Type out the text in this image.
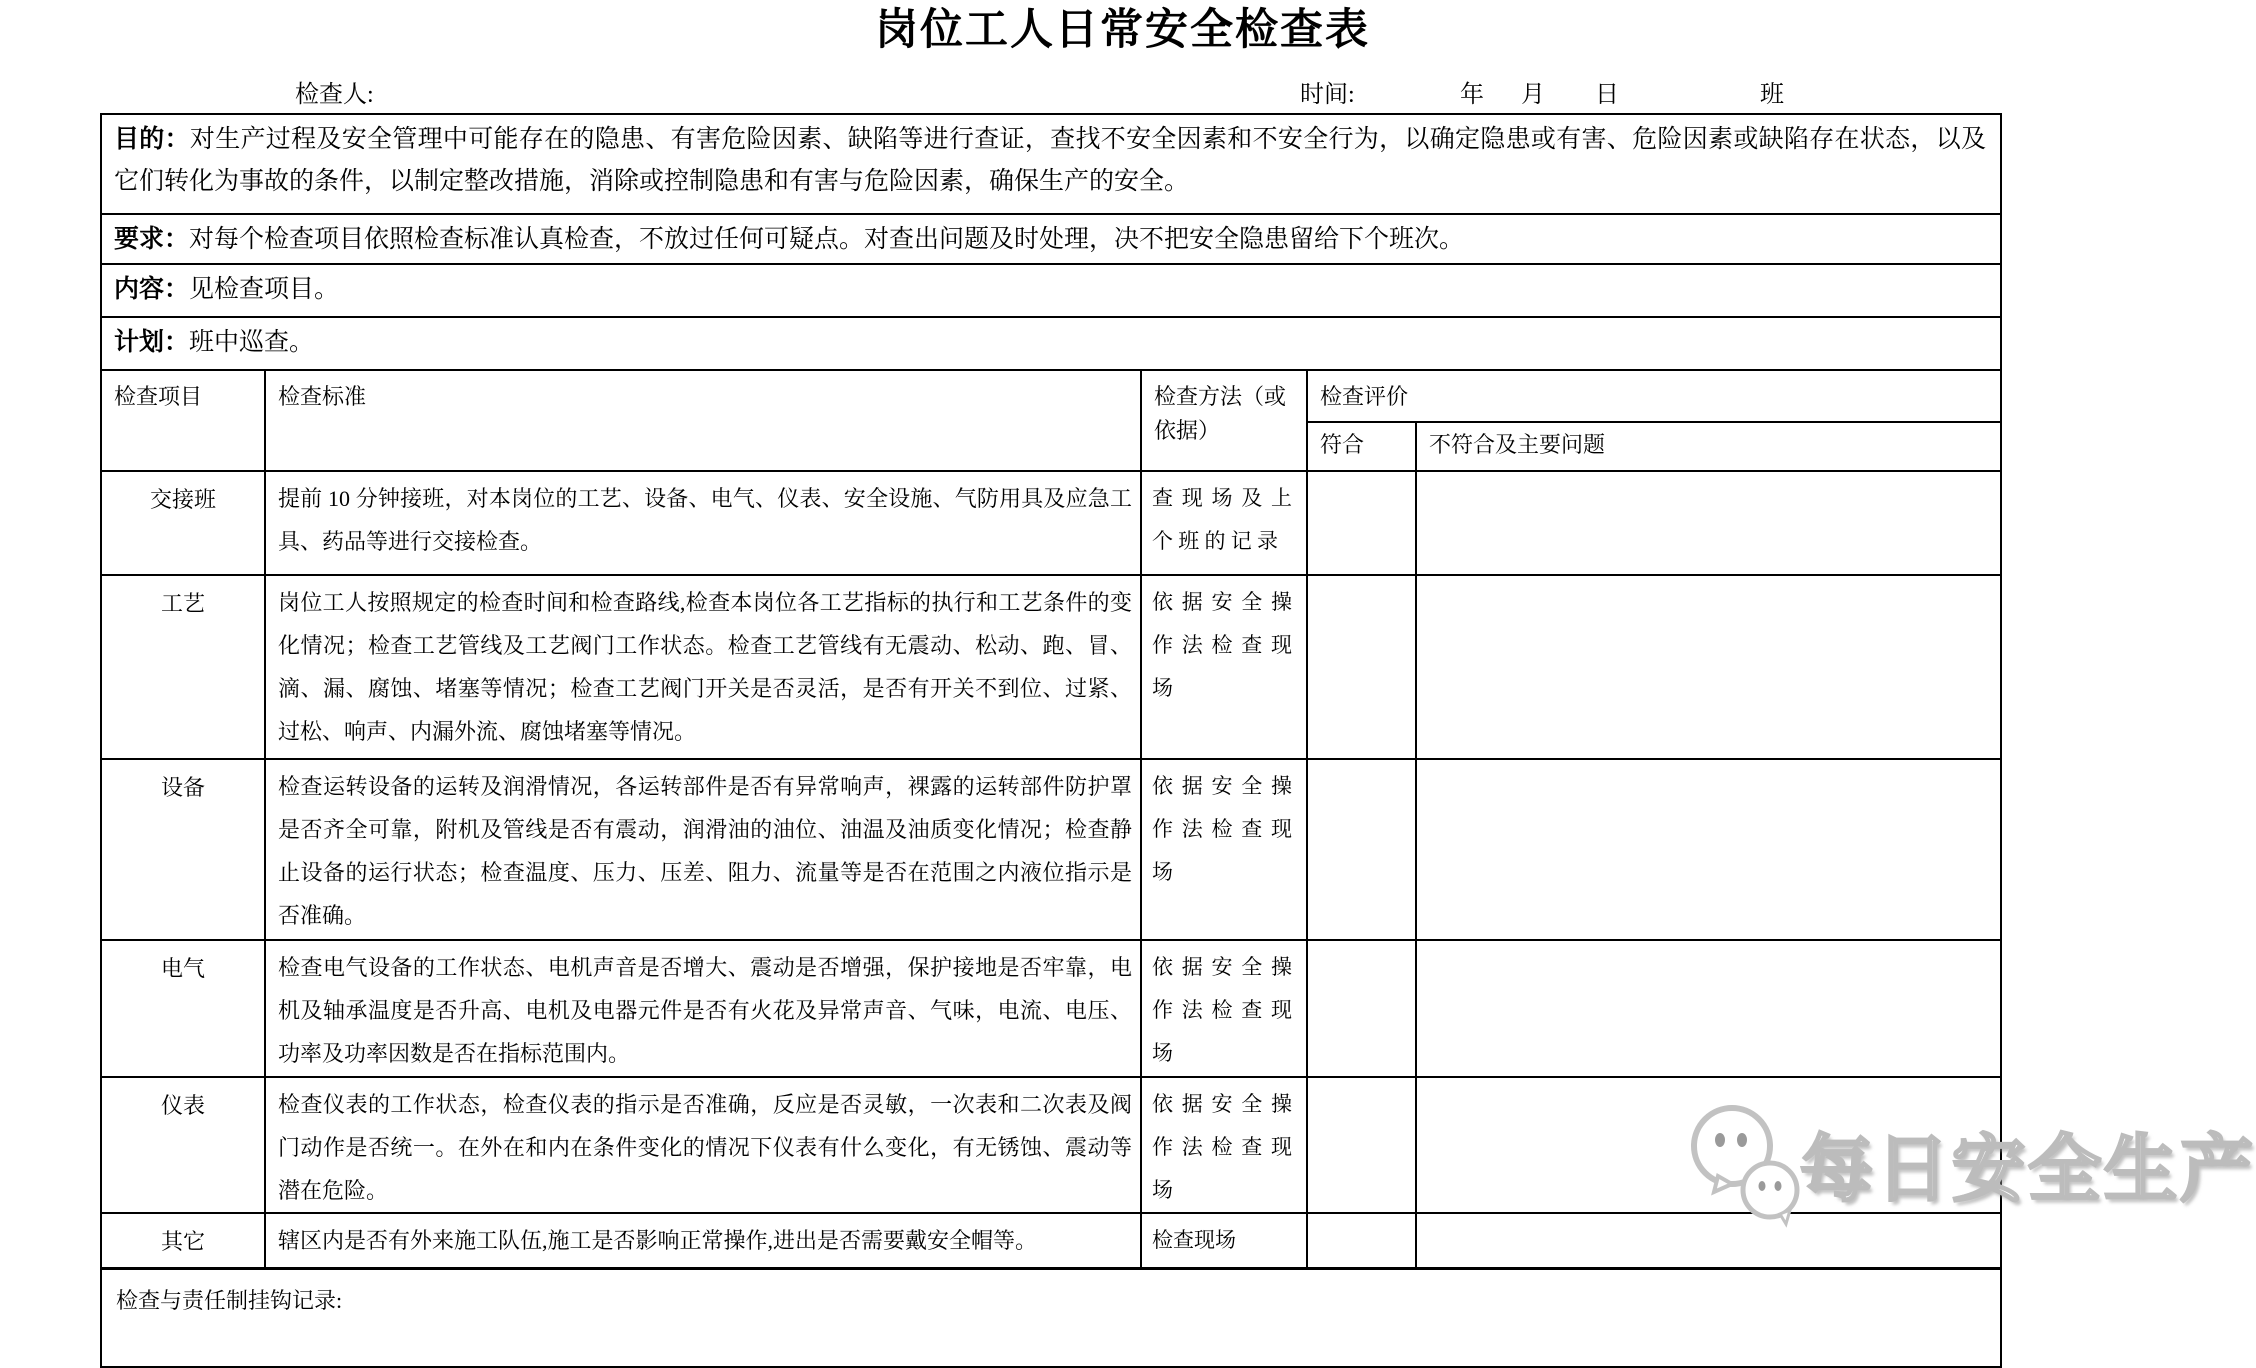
岗位工人日常安全检查表
检查人:	时间:	年 月 日	班
目的：对生产过程及安全管理中可能存在的隐患、有害危险因素、缺陷等进行查证，查找不安全因素和不安全行为，以确定隐患或有害、危险因素或缺陷存在状态，以及它们转化为事故的条件，以制定整改措施，消除或控制隐患和有害与危险因素，确保生产的安全。				
要求：对每个检查项目依照检查标准认真检查，不放过任何可疑点。对查出问题及时处理，决不把安全隐患留给下个班次。				
内容：见检查项目。				
计划：班中巡查。				
检查项目	检查标准	检查方法（或依据）	检查评价	
			符合	不符合及主要问题
交接班	提前 10 分钟接班，对本岗位的工艺、设备、电气、仪表、安全设施、气防用具及应急工具、药品等进行交接检查。	查 现 场 及 上 个 班 的 记 录		
工艺	岗位工人按照规定的检查时间和检查路线,检查本岗位各工艺指标的执行和工艺条件的变化情况；检查工艺管线及工艺阀门工作状态。检查工艺管线有无震动、松动、跑、冒、滴、漏、腐蚀、堵塞等情况；检查工艺阀门开关是否灵活，是否有开关不到位、过紧、过松、响声、内漏外流、腐蚀堵塞等情况。	依 据 安 全 操 作 法 检 查 现 场		
设备	检查运转设备的运转及润滑情况，各运转部件是否有异常响声，裸露的运转部件防护罩是否齐全可靠，附机及管线是否有震动，润滑油的油位、油温及油质变化情况；检查静止设备的运行状态；检查温度、压力、压差、阻力、流量等是否在范围之内液位指示是否准确。	依 据 安 全 操 作 法 检 查 现 场		
电气	检查电气设备的工作状态、电机声音是否增大、震动是否增强，保护接地是否牢靠，电机及轴承温度是否升高、电机及电器元件是否有火花及异常声音、气味，电流、电压、功率及功率因数是否在指标范围内。	依 据 安 全 操 作 法 检 查 现 场		
仪表	检查仪表的工作状态，检查仪表的指示是否准确，反应是否灵敏，一次表和二次表及阀门动作是否统一。在外在和内在条件变化的情况下仪表有什么变化，有无锈蚀、震动等潜在危险。	依 据 安 全 操 作 法 检 查 现 场		
其它	辖区内是否有外来施工队伍,施工是否影响正常操作,进出是否需要戴安全帽等。	检查现场		
检查与责任制挂钩记录:				
每日安全生产
